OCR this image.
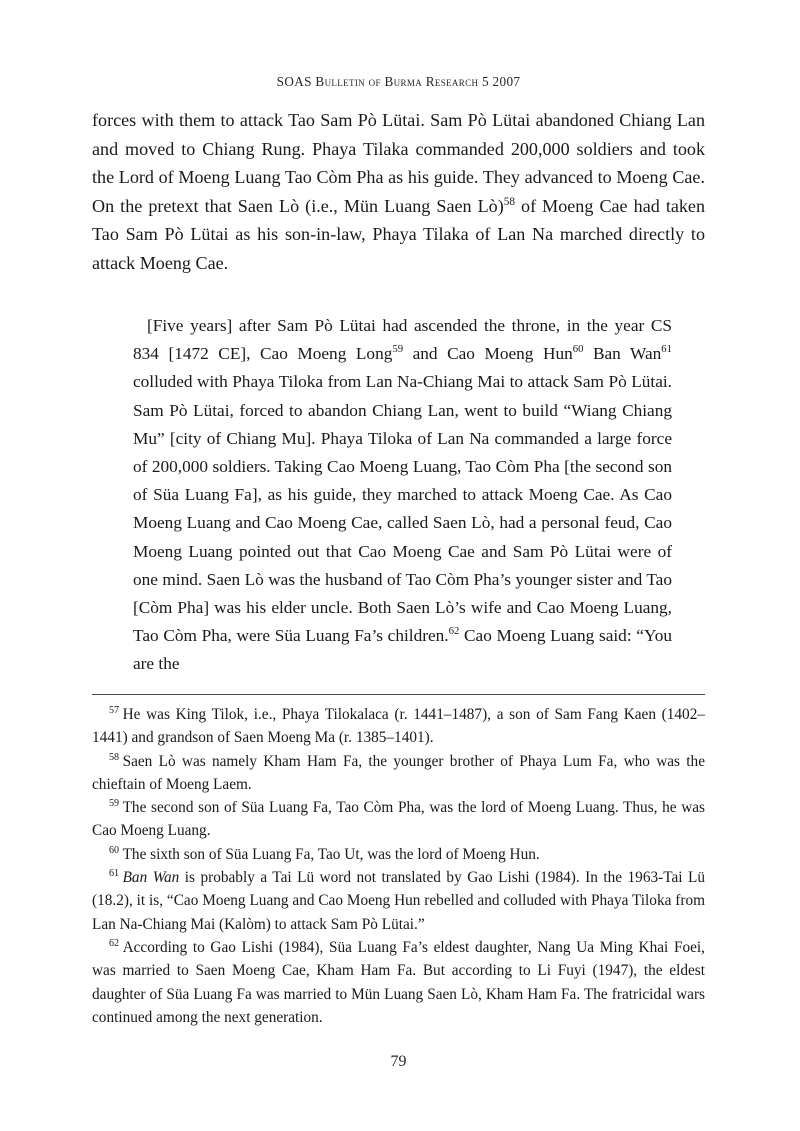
SOAS Bulletin of Burma Research 5 2007

forces with them to attack Tao Sam Pò Lütai. Sam Pò Lütai abandoned Chiang Lan and moved to Chiang Rung. Phaya Tilaka commanded 200,000 soldiers and took the Lord of Moeng Luang Tao Còm Pha as his guide. They advanced to Moeng Cae. On the pretext that Saen Lò (i.e., Mün Luang Saen Lò)$^{58}$ of Moeng Cae had taken Tao Sam Pò Lütai as his son-in-law, Phaya Tilaka of Lan Na marched directly to attack Moeng Cae.

[Five years] after Sam Pò Lütai had ascended the throne, in the year CS 834 [1472 CE], Cao Moeng Long$^{59}$ and Cao Moeng Hun$^{60}$ Ban Wan$^{61}$ colluded with Phaya Tiloka from Lan Na-Chiang Mai to attack Sam Pò Lütai. Sam Pò Lütai, forced to abandon Chiang Lan, went to build “Wiang Chiang Mu” [city of Chiang Mu]. Phaya Tiloka of Lan Na commanded a large force of 200,000 soldiers. Taking Cao Moeng Luang, Tao Còm Pha [the second son of Süa Luang Fa], as his guide, they marched to attack Moeng Cae. As Cao Moeng Luang and Cao Moeng Cae, called Saen Lò, had a personal feud, Cao Moeng Luang pointed out that Cao Moeng Cae and Sam Pò Lütai were of one mind. Saen Lò was the husband of Tao Còm Pha’s younger sister and Tao [Còm Pha] was his elder uncle. Both Saen Lò’s wife and Cao Moeng Luang, Tao Còm Pha, were Süa Luang Fa’s children.$^{62}$ Cao Moeng Luang said: “You are the

$^{57}$ He was King Tilok, i.e., Phaya Tilokalaca (r. 1441–1487), a son of Sam Fang Kaen (1402–1441) and grandson of Saen Moeng Ma (r. 1385–1401).

$^{58}$ Saen Lò was namely Kham Ham Fa, the younger brother of Phaya Lum Fa, who was the chieftain of Moeng Laem.

$^{59}$ The second son of Süa Luang Fa, Tao Còm Pha, was the lord of Moeng Luang. Thus, he was Cao Moeng Luang.

$^{60}$ The sixth son of Süa Luang Fa, Tao Ut, was the lord of Moeng Hun.

$^{61}$ Ban Wan is probably a Tai Lü word not translated by Gao Lishi (1984). In the 1963-Tai Lü (18.2), it is, “Cao Moeng Luang and Cao Moeng Hun rebelled and colluded with Phaya Tiloka from Lan Na-Chiang Mai (Kalòm) to attack Sam Pò Lütai.”

$^{62}$ According to Gao Lishi (1984), Süa Luang Fa’s eldest daughter, Nang Ua Ming Khai Foei, was married to Saen Moeng Cae, Kham Ham Fa. But according to Li Fuyi (1947), the eldest daughter of Süa Luang Fa was married to Mün Luang Saen Lò, Kham Ham Fa. The fratricidal wars continued among the next generation.

79
